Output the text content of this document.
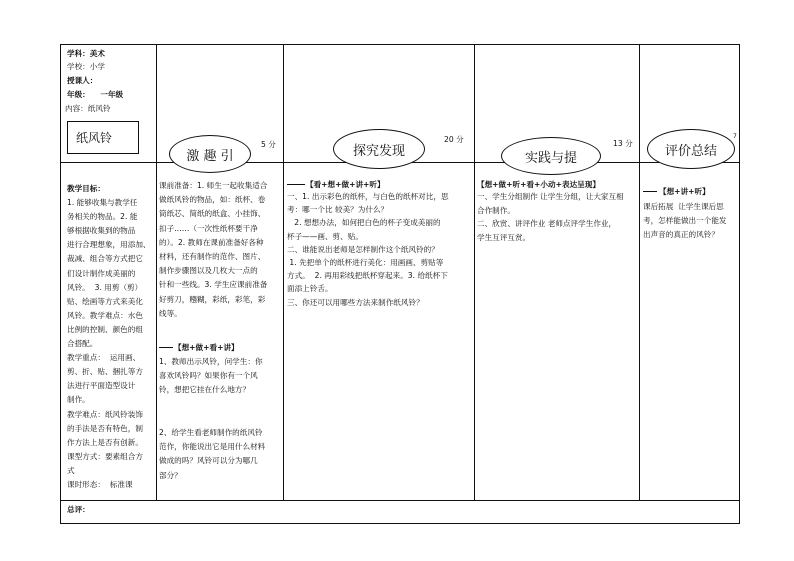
学科：美术
学校：小学
授课人：
年级：    一年级
内容：纸风铃
纸风铃
激 趣 引
5 分	探究发现
20 分
实践与提
13 分	评价总结
7
教学目标：
1. 能够收集与教学任
务相关的物品。2. 能
够根据收集到的物品
进行合理想象，用添加、
裁减、组合等方式把它
们设计制作成美丽的
风铃。  3. 用剪（剪）
贴、绘画等方式来美化
风铃。教学难点：水色
比例的控制、颜色的组
合搭配。
教学重点：  运用画、
剪、折、贴、捆扎等方
法进行平面造型设计
制作。
教学难点：纸风铃装饰
的手法是否有特色，制
作方法上是否有创新。
课型方式：要素组合方
式
课时形态：  标准课
课前准备：1. 师生一起收集适合
做纸风铃的物品，如：纸杯、卷
筒纸芯、简纸的纸盒、小挂饰、
扣子……（一次性纸杯要干净
的）。2. 教师在课前准备好各种
材料，还有制作的范作、图片、
制作步骤图以及几枚大一点的
针和一些线。3. 学生应课前准备
好剪刀，糨糊，彩纸，彩笔，彩
线等。
【想+做+看+讲】
1、教师出示风铃，问学生：你
喜欢风铃吗？如果你有一个风
铃，想把它挂在什么地方？
2、给学生看老师制作的纸风铃
范作，你能说出它是用什么材料
做成的吗？风铃可以分为哪几
部分？
【看+想+做+讲+听】
一、1. 出示彩色的纸杯，与白色的纸杯对比，思
考：哪一个比 较美？为什么？
2. 想想办法，如何把白色的杯子变成美丽的
杯子——画、剪、贴。
二、谁能说出老师是怎样制作这个纸风铃的？
1. 先把单个的纸杯进行美化：用画画、剪贴等
方式。  2. 再用彩线把纸杯穿起来。3. 给纸杯下
面添上铃舌。
三、你还可以用哪些方法来制作纸风铃？
【想+做+听+看+小动+表达呈现】
一、学生分组制作 让学生分组，让大家互相
合作制作。
二、欣赏、讲评作业 老师点评学生作业，
学生互评互赏。
【想+讲+听】
课后拓展  让学生课后思
考，怎样能做出一个能发
出声音的真正的风铃？
总评：
